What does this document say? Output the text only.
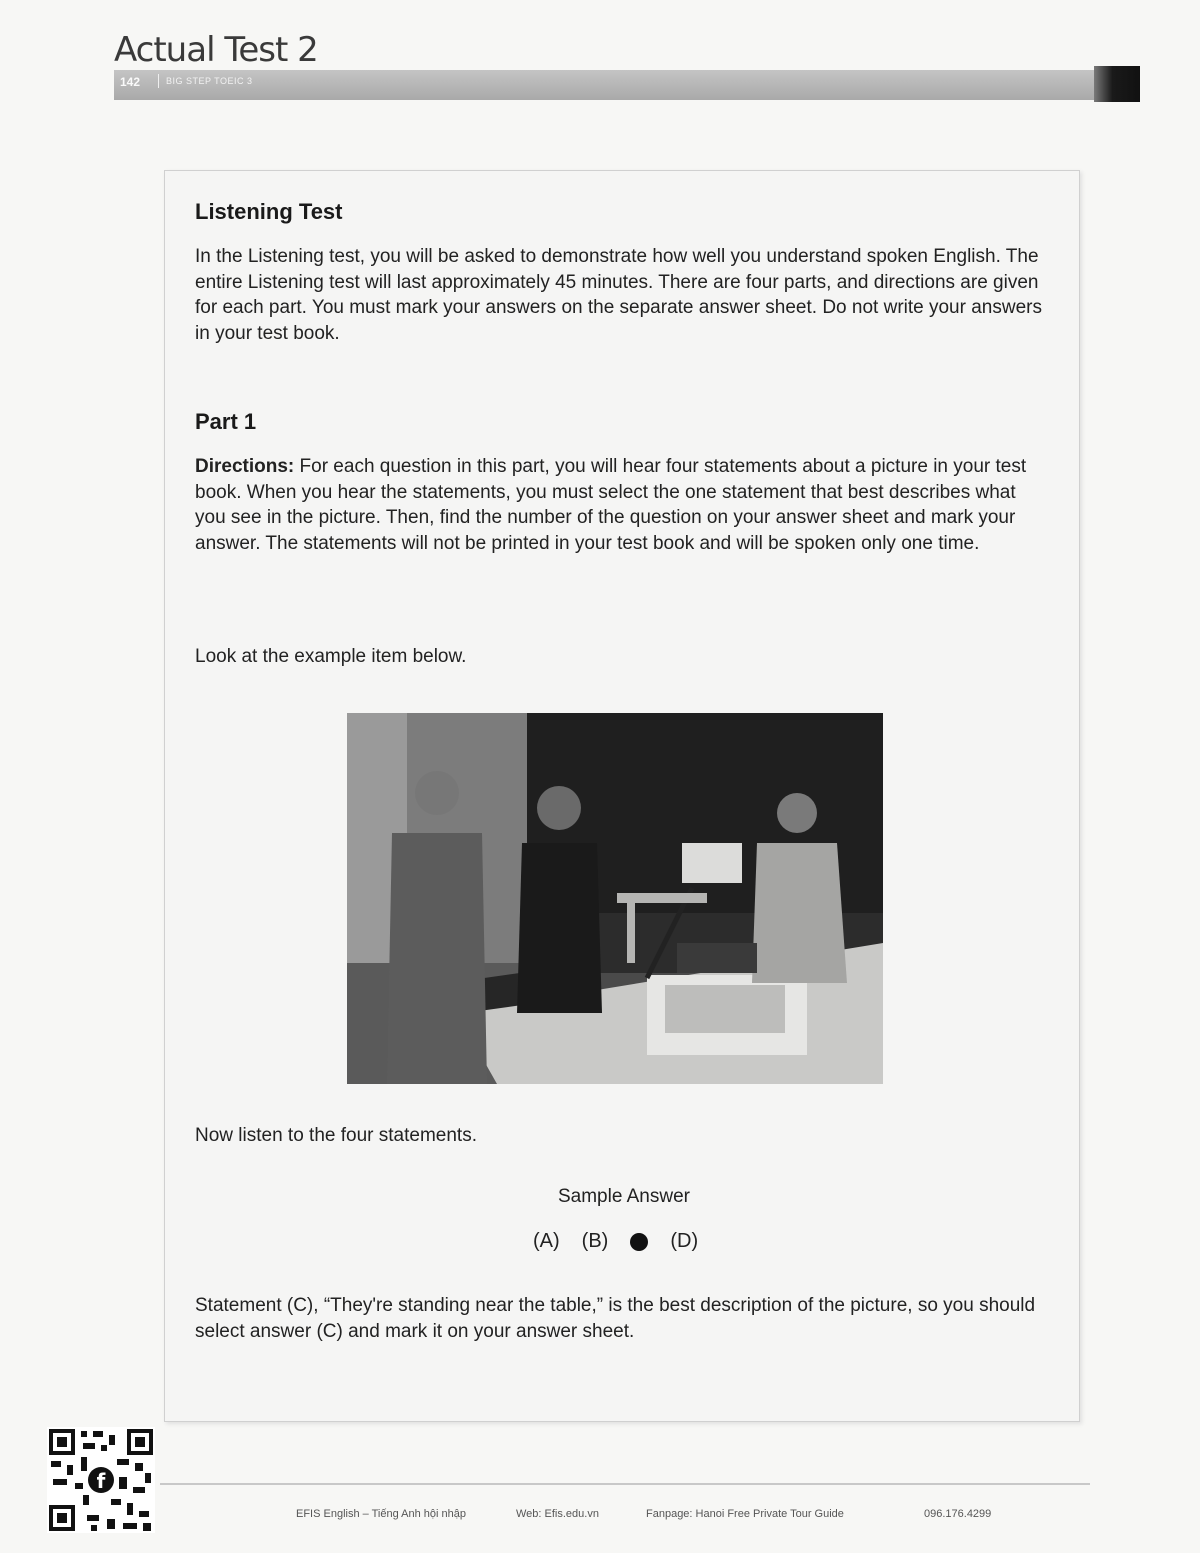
Actual Test 2
142	BIG STEP TOEIC 3
Listening Test
In the Listening test, you will be asked to demonstrate how well you understand spoken English. The entire Listening test will last approximately 45 minutes. There are four parts, and directions are given for each part. You must mark your answers on the separate answer sheet. Do not write your answers in your test book.
Part 1
Directions: For each question in this part, you will hear four statements about a picture in your test book. When you hear the statements, you must select the one statement that best describes what you see in the picture. Then, find the number of the question on your answer sheet and mark your answer. The statements will not be printed in your test book and will be spoken only one time.
Look at the example item below.
Now listen to the four statements.
Sample Answer
(A) (B)	(D)
Statement (C), “They're standing near the table,” is the best description of the picture, so you should select answer (C) and mark it on your answer sheet.
f
EFIS English – Tiếng Anh hội nhập	Web: Efis.edu.vn	Fanpage: Hanoi Free Private Tour Guide	096.176.4299
